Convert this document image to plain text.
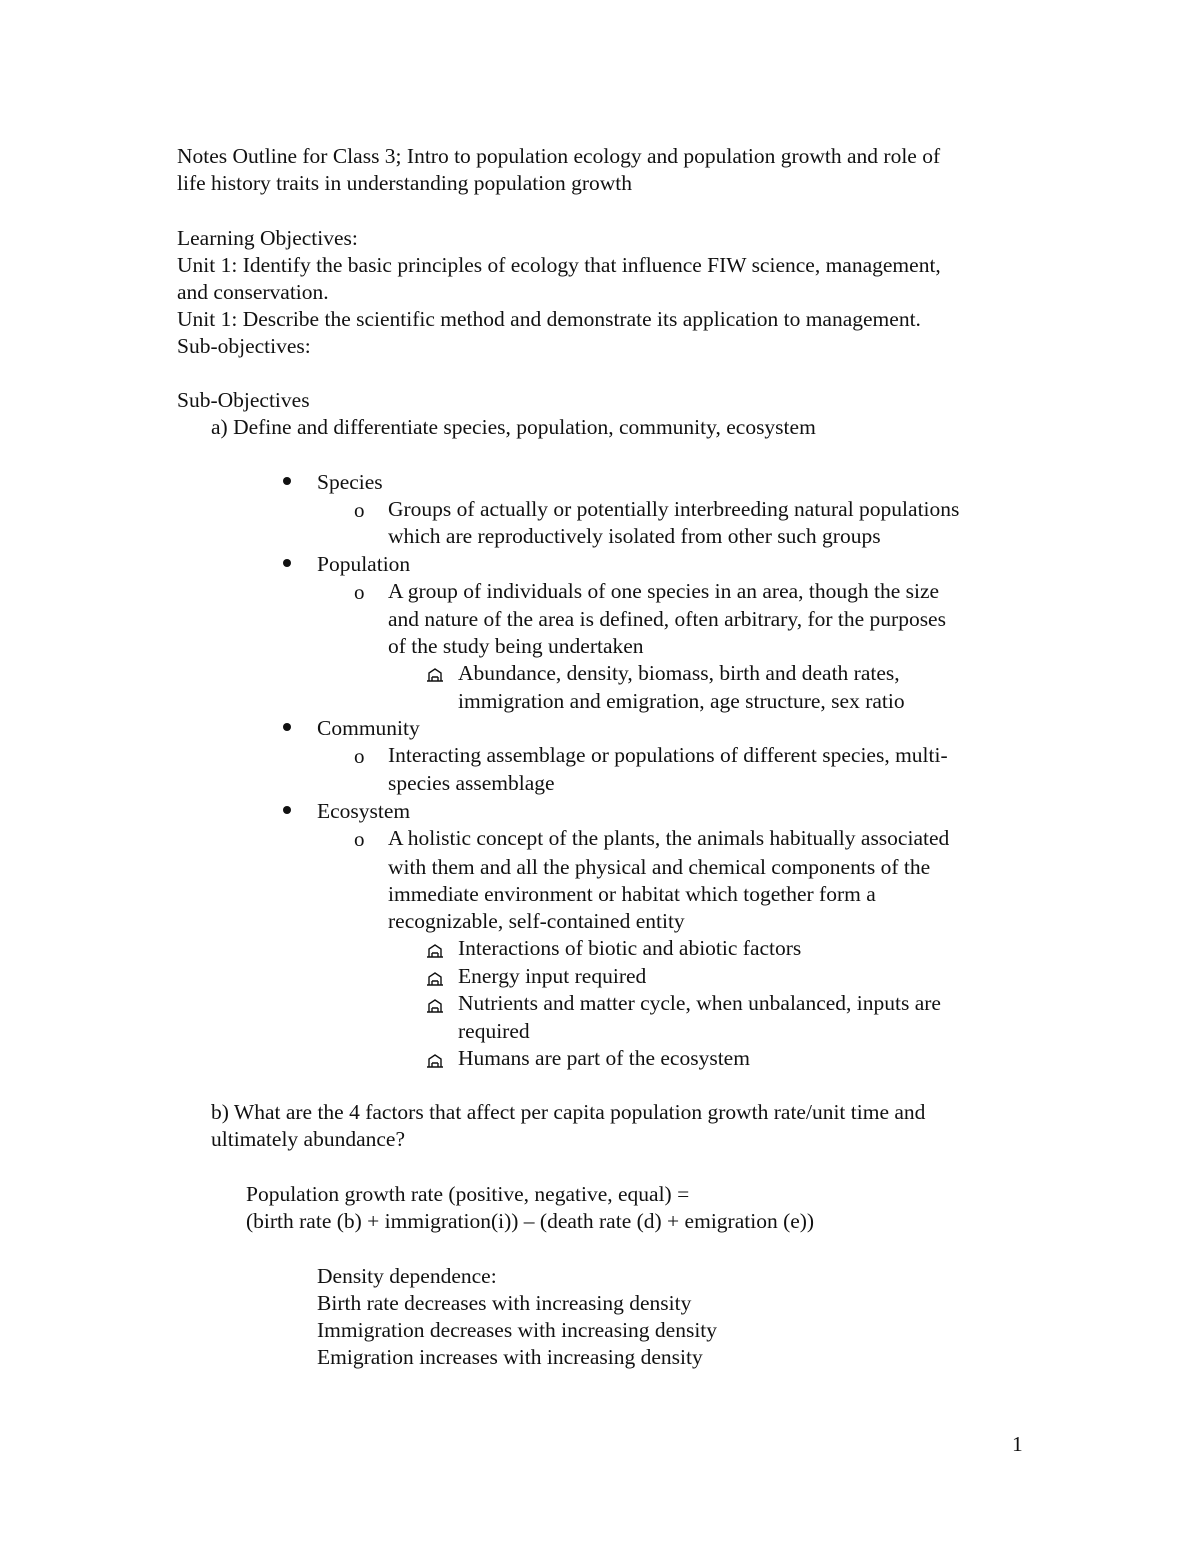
Notes Outline for Class 3; Intro to population ecology and population growth and role of
life history traits in understanding population growth
Learning Objectives:
Unit 1: Identify the basic principles of ecology that influence FIW science, management,
and conservation.
Unit 1: Describe the scientific method and demonstrate its application to management.
Sub-objectives:
Sub-Objectives
a) Define and differentiate species, population, community, ecosystem
Species
o Groups of actually or potentially interbreeding natural populations
which are reproductively isolated from other such groups
Population
o A group of individuals of one species in an area, though the size
and nature of the area is defined, often arbitrary, for the purposes
of the study being undertaken
Abundance, density, biomass, birth and death rates,
immigration and emigration, age structure, sex ratio
Community
o Interacting assemblage or populations of different species, multi-
species assemblage
Ecosystem
o A holistic concept of the plants, the animals habitually associated
with them and all the physical and chemical components of the
immediate environment or habitat which together form a
recognizable, self-contained entity
Interactions of biotic and abiotic factors
Energy input required
Nutrients and matter cycle, when unbalanced, inputs are
required
Humans are part of the ecosystem
b) What are the 4 factors that affect per capita population growth rate/unit time and
ultimately abundance?
Population growth rate (positive, negative, equal) =
(birth rate (b) + immigration(i)) – (death rate (d) + emigration (e))
Density dependence:
Birth rate decreases with increasing density
Immigration decreases with increasing density
Emigration increases with increasing density
1
